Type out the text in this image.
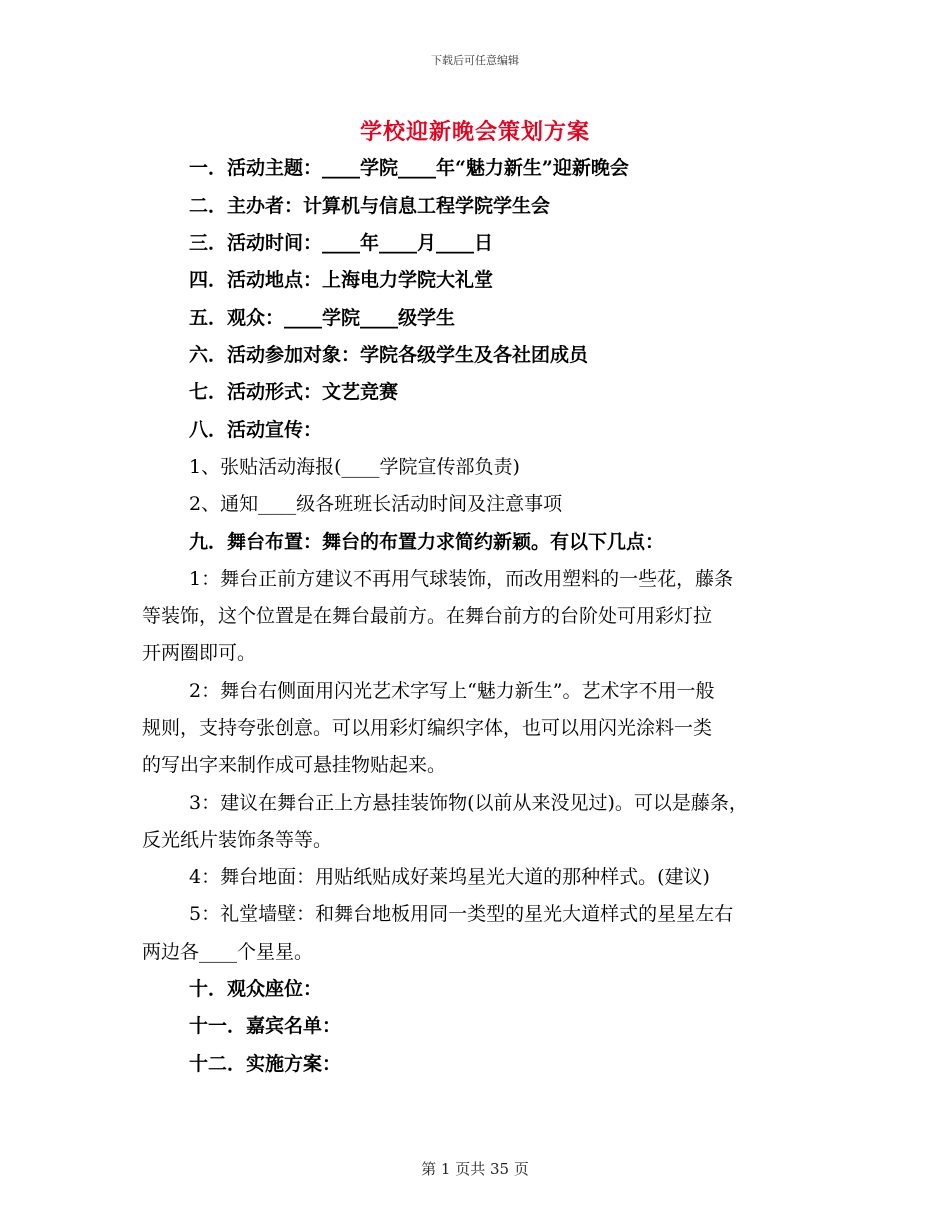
下载后可任意编辑
学校迎新晚会策划方案
一．活动主题：____学院____年“魅力新生”迎新晚会
二．主办者：计算机与信息工程学院学生会
三．活动时间：____年____月____日
四．活动地点：上海电力学院大礼堂
五．观众：____学院____级学生
六．活动参加对象：学院各级学生及各社团成员
七．活动形式：文艺竞赛
八．活动宣传：
1、张贴活动海报(____学院宣传部负责)
2、通知____级各班班长活动时间及注意事项
九．舞台布置：舞台的布置力求简约新颖。有以下几点：
1：舞台正前方建议不再用气球装饰，而改用塑料的一些花，藤条
等装饰，这个位置是在舞台最前方。在舞台前方的台阶处可用彩灯拉
开两圈即可。
2：舞台右侧面用闪光艺术字写上“魅力新生”。艺术字不用一般
规则，支持夸张创意。可以用彩灯编织字体，也可以用闪光涂料一类
的写出字来制作成可悬挂物贴起来。
3：建议在舞台正上方悬挂装饰物(以前从来没见过)。可以是藤条，
反光纸片装饰条等等。
4：舞台地面：用贴纸贴成好莱坞星光大道的那种样式。(建议)
5：礼堂墙壁：和舞台地板用同一类型的星光大道样式的星星左右
两边各____个星星。
十．观众座位：
十一．嘉宾名单：
十二．实施方案：
第 1 页共 35 页
